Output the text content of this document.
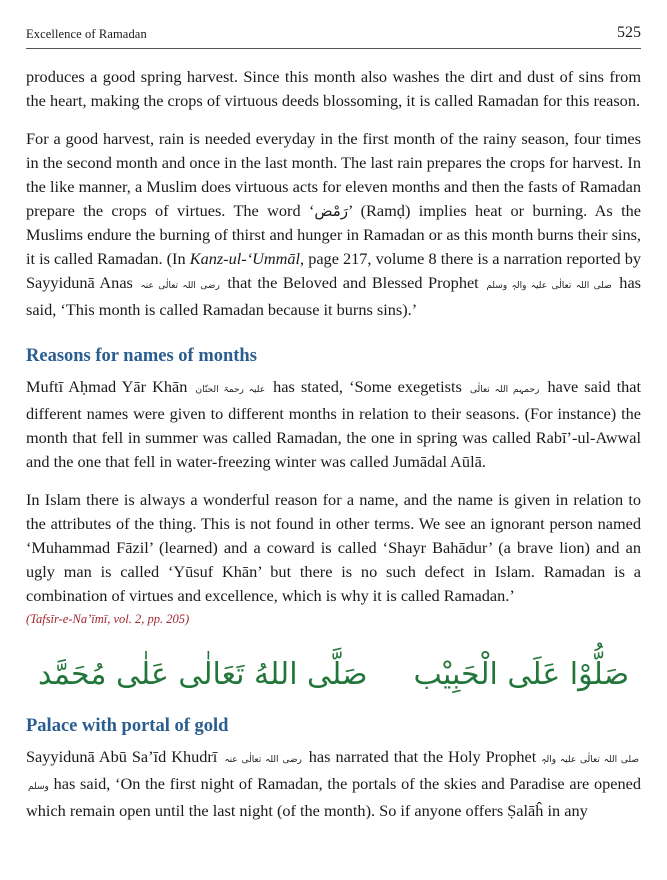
Excellence of Ramadan	525

produces a good spring harvest. Since this month also washes the dirt and dust of sins from the heart, making the crops of virtuous deeds blossoming, it is called Ramadan for this reason.

For a good harvest, rain is needed everyday in the first month of the rainy season, four times in the second month and once in the last month. The last rain prepares the crops for harvest. In the like manner, a Muslim does virtuous acts for eleven months and then the fasts of Ramadan prepare the crops of virtues. The word ‘رَمْض’ (Ramḍ) implies heat or burning. As the Muslims endure the burning of thirst and hunger in Ramadan or as this month burns their sins, it is called Ramadan. (In Kanz-ul-‘Ummāl, page 217, volume 8 there is a narration reported by Sayyidunā Anas رضی اللہ تعالٰی عنہ that the Beloved and Blessed Prophet صلی اللہ تعالٰی علیہ والہٖ وسلم has said, ‘This month is called Ramadan because it burns sins).’

Reasons for names of months

Muftī Aḥmad Yār Khān علیہ رحمۃ الحنّان has stated, ‘Some exegetists رحمہم اللہ تعالٰی have said that different names were given to different months in relation to their seasons. (For instance) the month that fell in summer was called Ramadan, the one in spring was called Rabī’-ul-Awwal and the one that fell in water-freezing winter was called Jumādal Aūlā.

In Islam there is always a wonderful reason for a name, and the name is given in relation to the attributes of the thing. This is not found in other terms. We see an ignorant person named ‘Muhammad Fāzil’ (learned) and a coward is called ‘Shayr Bahādur’ (a brave lion) and an ugly man is called ‘Yūsuf Khān’ but there is no such defect in Islam. Ramadan is a combination of virtues and excellence, which is why it is called Ramadan.’

(Tafsīr-e-Na’īmī, vol. 2, pp. 205)
صَلُّوْا عَلَى الْحَبِيْب
صَلَّى اللهُ تَعَالٰى عَلٰى مُحَمَّد
Palace with portal of gold

Sayyidunā Abū Sa’īd Khudrī رضی اللہ تعالٰی عنہ has narrated that the Holy Prophet صلی اللہ تعالٰی علیہ والہٖ وسلم has said, ‘On the first night of Ramadan, the portals of the skies and Paradise are opened which remain open until the last night (of the month). So if anyone offers Ṣalāĥ in any
